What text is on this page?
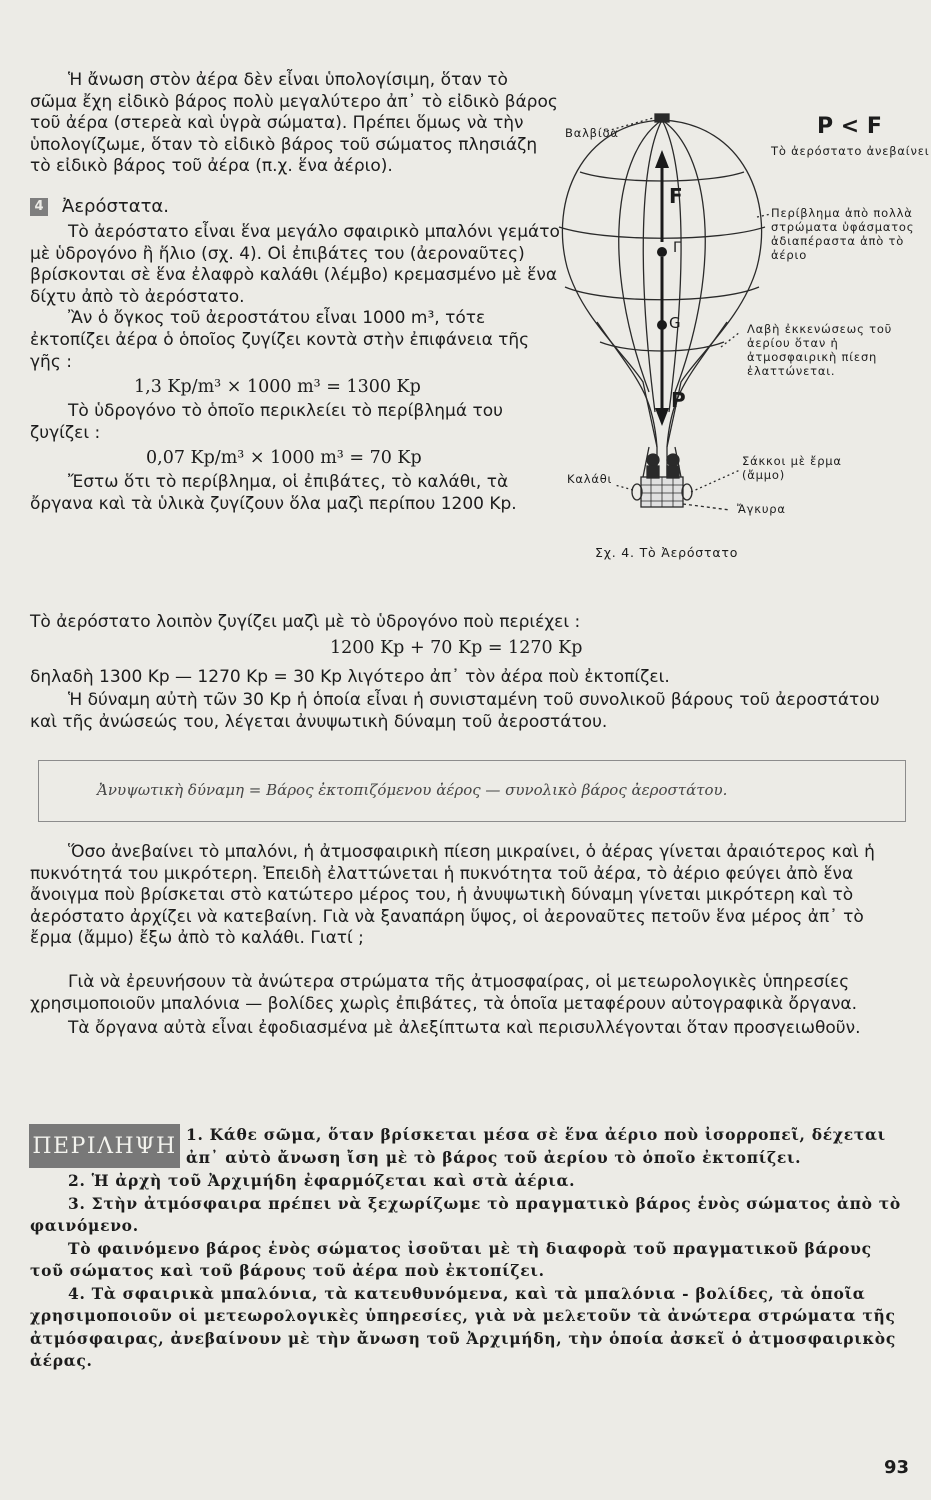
Ἡ ἄνωση στὸν ἀέρα δὲν εἶναι ὑπολογίσιμη, ὅταν τὸ σῶμα ἔχη εἰδικὸ βάρος πολὺ μεγαλύτερο ἀπ᾽ τὸ εἰδικὸ βάρος τοῦ ἀέρα (στερεὰ καὶ ὑγρὰ σώματα). Πρέπει ὅμως νὰ τὴν ὑπολογίζωμε, ὅταν τὸ εἰδικὸ βάρος τοῦ σώματος πλησιάζη τὸ εἰδικὸ βάρος τοῦ ἀέρα (π.χ. ἕνα ἀέριο).

4 Ἀερόστατα.

Τὸ ἀερόστατο εἶναι ἕνα μεγάλο σφαιρικὸ μπαλόνι γεμάτο μὲ ὑδρογόνο ἢ ἥλιο (σχ. 4). Οἱ ἐπιβάτες του (ἀεροναῦτες) βρίσκονται σὲ ἕνα ἐλαφρὸ καλάθι (λέμβο) κρεμασμένο μὲ ἕνα δίχτυ ἀπὸ τὸ ἀερόστατο.

Ἂν ὁ ὄγκος τοῦ ἀεροστάτου εἶναι 1000 m³, τότε ἐκτοπίζει ἀέρα ὁ ὁποῖος ζυγίζει κοντὰ στὴν ἐπιφάνεια τῆς γῆς :

1,3 Kp/m³ × 1000 m³ = 1300 Kp

Τὸ ὑδρογόνο τὸ ὁποῖο περικλείει τὸ περίβλημά του ζυγίζει :

0,07 Kp/m³ × 1000 m³ = 70 Kp

Ἔστω ὅτι τὸ περίβλημα, οἱ ἐπιβάτες, τὸ καλάθι, τὰ ὄργανα καὶ τὰ ὑλικὰ ζυγίζουν ὅλα μαζὶ περίπου 1200 Kp.

Βαλβίδα	P < F
Τὸ ἀερόστατο ἀνεβαίνει
Περίβλημα ἀπὸ πολλὰ στρώματα ὑφάσματος ἀδιαπέραστα ἀπὸ τὸ ἀέριο
Λαβὴ ἐκκενώσεως τοῦ ἀερίου ὅταν ἡ ἀτμοσφαιρικὴ πίεση ἐλαττώνεται.
Καλάθι
Σάκκοι μὲ ἔρμα (ἄμμο)
Ἄγκυρα
F
Γ
G
P
Σχ. 4. Τὸ Ἀερόστατο

Τὸ ἀερόστατο λοιπὸν ζυγίζει μαζὶ μὲ τὸ ὑδρογόνο ποὺ περιέχει :

1200 Kp + 70 Kp = 1270 Kp

δηλαδὴ 1300 Kp — 1270 Kp = 30 Kp λιγότερο ἀπ᾽ τὸν ἀέρα ποὺ ἐκτοπίζει.

Ἡ δύναμη αὐτὴ τῶν 30 Kp ἡ ὁποία εἶναι ἡ συνισταμένη τοῦ συνολικοῦ βάρους τοῦ ἀεροστάτου καὶ τῆς ἀνώσεώς του, λέγεται ἀνυψωτικὴ δύναμη τοῦ ἀεροστάτου.

Ἀνυψωτικὴ δύναμη = Βάρος ἐκτοπιζόμενου ἀέρος — συνολικὸ βάρος ἀεροστάτου.

Ὅσο ἀνεβαίνει τὸ μπαλόνι, ἡ ἀτμοσφαιρικὴ πίεση μικραίνει, ὁ ἀέρας γίνεται ἀραιότερος καὶ ἡ πυκνότητά του μικρότερη. Ἐπειδὴ ἐλαττώνεται ἡ πυκνότητα τοῦ ἀέρα, τὸ ἀέριο φεύγει ἀπὸ ἕνα ἄνοιγμα ποὺ βρίσκεται στὸ κατώτερο μέρος του, ἡ ἀνυψωτικὴ δύναμη γίνεται μικρότερη καὶ τὸ ἀερόστατο ἀρχίζει νὰ κατεβαίνη. Γιὰ νὰ ξαναπάρη ὕψος, οἱ ἀεροναῦτες πετοῦν ἕνα μέρος ἀπ᾽ τὸ ἔρμα (ἄμμο) ἔξω ἀπὸ τὸ καλάθι. Γιατί ;

Γιὰ νὰ ἐρευνήσουν τὰ ἀνώτερα στρώματα τῆς ἀτμοσφαίρας, οἱ μετεωρολογικὲς ὑπηρεσίες χρησιμοποιοῦν μπαλόνια — βολίδες χωρὶς ἐπιβάτες, τὰ ὁποῖα μεταφέρουν αὐτογραφικὰ ὄργανα.

Τὰ ὄργανα αὐτὰ εἶναι ἐφοδιασμένα μὲ ἀλεξίπτωτα καὶ περισυλλέγονται ὅταν προσγειωθοῦν.

ΠΕΡΙΛΗΨΗ 1. Κάθε σῶμα, ὅταν βρίσκεται μέσα σὲ ἕνα ἀέριο ποὺ ἰσορροπεῖ, δέχεται ἀπ᾽ αὐτὸ ἄνωση ἴση μὲ τὸ βάρος τοῦ ἀερίου τὸ ὁποῖο ἐκτοπίζει.

2. Ἡ ἀρχὴ τοῦ Ἀρχιμήδη ἐφαρμόζεται καὶ στὰ ἀέρια.

3. Στὴν ἀτμόσφαιρα πρέπει νὰ ξεχωρίζωμε τὸ πραγματικὸ βάρος ἑνὸς σώματος ἀπὸ τὸ φαινόμενο.

Τὸ φαινόμενο βάρος ἑνὸς σώματος ἰσοῦται μὲ τὴ διαφορὰ τοῦ πραγματικοῦ βάρους τοῦ σώματος καὶ τοῦ βάρους τοῦ ἀέρα ποὺ ἐκτοπίζει.

4. Τὰ σφαιρικὰ μπαλόνια, τὰ κατευθυνόμενα, καὶ τὰ μπαλόνια - βολίδες, τὰ ὁποῖα χρησιμοποιοῦν οἱ μετεωρολογικὲς ὑπηρεσίες, γιὰ νὰ μελετοῦν τὰ ἀνώτερα στρώματα τῆς ἀτμόσφαιρας, ἀνεβαίνουν μὲ τὴν ἄνωση τοῦ Ἀρχιμήδη, τὴν ὁποία ἀσκεῖ ὁ ἀτμοσφαιρικὸς ἀέρας.

93
